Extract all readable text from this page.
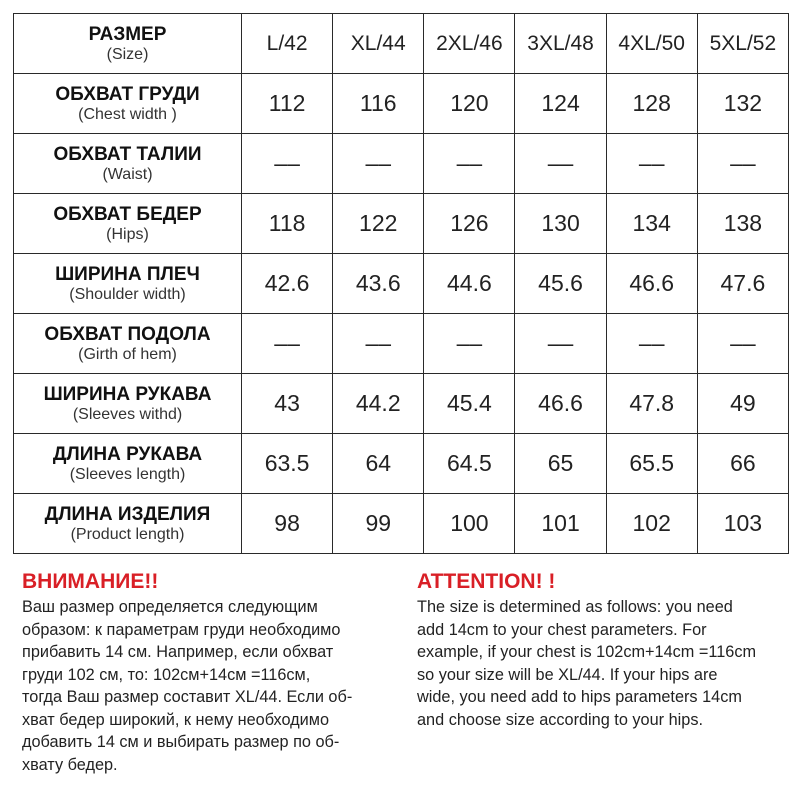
РАЗМЕР
(Size)	L/42	XL/44	2XL/46	3XL/48	4XL/50	5XL/52

ОБХВАТ ГРУДИ
(Chest width )	112	116	120	124	128	132

ОБХВАТ ТАЛИИ
(Waist)	‒‒	‒‒	‒‒	‒‒	‒‒	‒‒

ОБХВАТ БЕДЕР
(Hips)	118	122	126	130	134	138

ШИРИНА ПЛЕЧ
(Shoulder width)	42.6	43.6	44.6	45.6	46.6	47.6

ОБХВАТ ПОДОЛА
(Girth of hem)	‒‒	‒‒	‒‒	‒‒	‒‒	‒‒

ШИРИНА РУКАВА
(Sleeves withd)	43	44.2	45.4	46.6	47.8	49

ДЛИНА РУКАВА
(Sleeves length)	63.5	64	64.5	65	65.5	66

ДЛИНА ИЗДЕЛИЯ
(Product length)	98	99	100	101	102	103
ВНИМАНИЕ!!

Ваш размер определяется следующим
образом: к параметрам груди необходимо
прибавить 14 см. Например, если обхват
груди 102 см, то: 102см+14см =116см,
тогда Ваш размер составит XL/44. Если об-
хват бедер широкий, к нему необходимо
добавить 14 см и выбирать размер по об-
хвату бедер.

ATTENTION! !

The size is determined as follows: you need
add 14cm to your chest parameters. For
example, if your chest is 102cm+14cm =116cm
so your size will be XL/44. If your hips are
wide, you need add to hips parameters 14cm
and choose size according to your hips.
